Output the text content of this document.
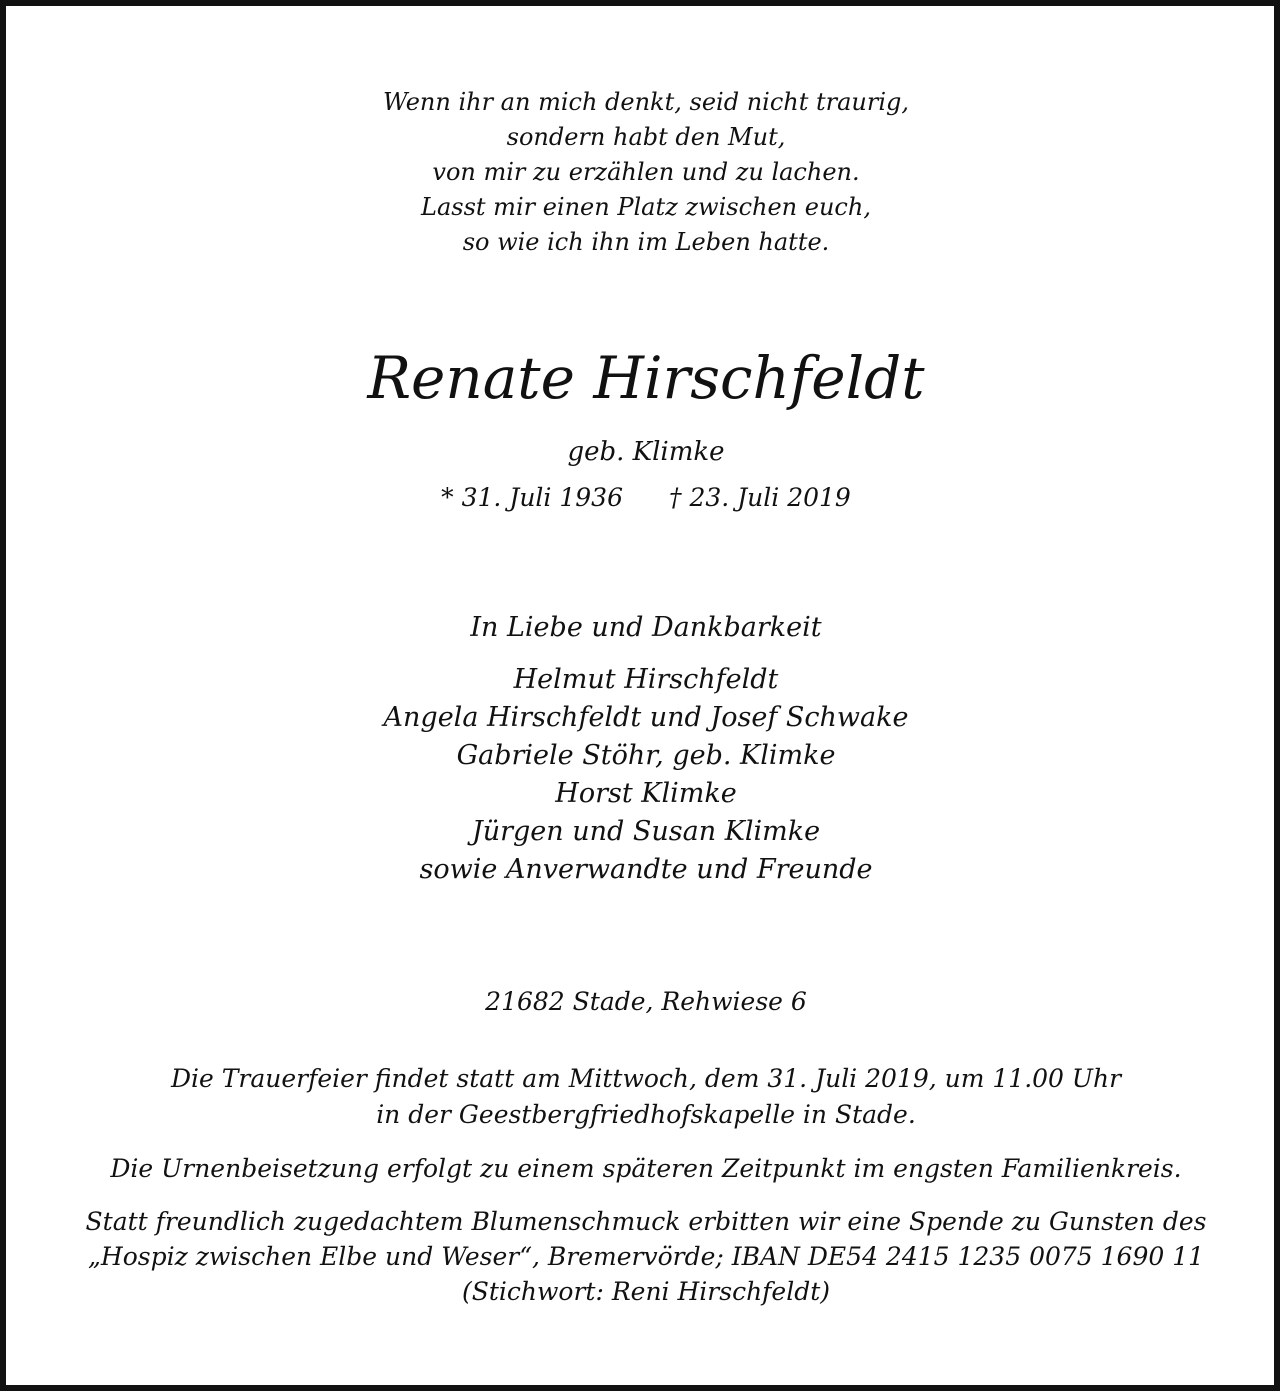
Wenn ihr an mich denkt, seid nicht traurig,
sondern habt den Mut,
von mir zu erzählen und zu lachen.
Lasst mir einen Platz zwischen euch,
so wie ich ihn im Leben hatte.
Renate Hirschfeldt
geb. Klimke
* 31. Juli 1936 † 23. Juli 2019
In Liebe und Dankbarkeit
Helmut Hirschfeldt
Angela Hirschfeldt und Josef Schwake
Gabriele Stöhr, geb. Klimke
Horst Klimke
Jürgen und Susan Klimke
sowie Anverwandte und Freunde
21682 Stade, Rehwiese 6
Die Trauerfeier findet statt am Mittwoch, dem 31. Juli 2019, um 11.00 Uhr
in der Geestbergfriedhofskapelle in Stade.
Die Urnenbeisetzung erfolgt zu einem späteren Zeitpunkt im engsten Familienkreis.
Statt freundlich zugedachtem Blumenschmuck erbitten wir eine Spende zu Gunsten des
„Hospiz zwischen Elbe und Weser“, Bremervörde; IBAN DE54 2415 1235 0075 1690 11
(Stichwort: Reni Hirschfeldt)
